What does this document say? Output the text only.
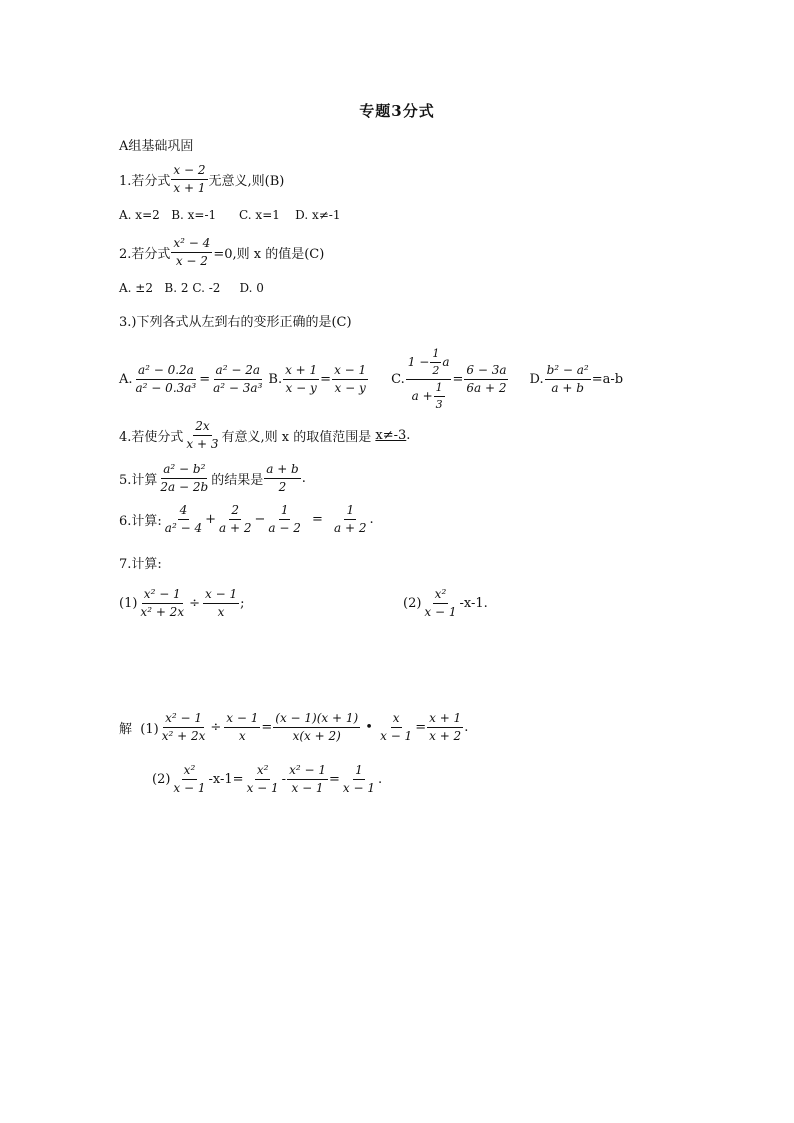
专题3分式
A组基础巩固
1.若分式 $\frac{x - 2}{x + 1}$ 无意义,则(B)
A. x=2   B. x=-1      C. x=1    D. x≠-1
2.若分式 $\frac{\text{x² − 4}}{x - 2} =0$,则 x 的值是(C)
A. ±2   B. 2 C. -2     D. 0
3.)下列各式从左到右的变形正确的是(C)
A. $\frac{\text{a² − 0.2a}}{\text{a² − 0.3a³}} = \frac{\text{a² − 2a}}{\text{a² − 3a³}} B$. $\frac{x + 1}{x - y} = \frac{x - 1}{x - y} C$. $\frac{1 - \frac{1}{2} a}{a + \frac{1}{3}} = \frac{6 - 3a}{6a + 2} D$. $\frac{\text{b² − a²}}{a + b} =a-b$
4.若使分式 $\frac{2x}{x + 3}$ 有意义,则 x 的取值范围是 x≠-3 .
5.计算 $\frac{\text{a² − b²}}{2a - 2b}$ 的结果是 $\frac{a + b}{2}$ .
6.计算: $\frac{4}{\text{a² − 4}} + \frac{2}{a + 2} - \frac{1}{a - 2} = \frac{1}{a + 2}$ .
7.计算:
$(1) \frac{\text{x² − 1}}{\text{x² + 2x}} \div \frac{x - 1}{x}$ ;	$(2) \frac{\text{x²}}{x - 1} -x-1$.
解  $(1) \frac{\text{x² − 1}}{\text{x² + 2x}} \div \frac{x - 1}{x} = \frac{(x - 1)(x + 1)}{x(x + 2)}$ • $\frac{x}{x - 1} = \frac{x + 1}{x + 2}$ .
$(2) \frac{\text{x²}}{x - 1} -x-1= \frac{\text{x²}}{x - 1} - \frac{\text{x² − 1}}{x - 1} = \frac{1}{x - 1}$ .
